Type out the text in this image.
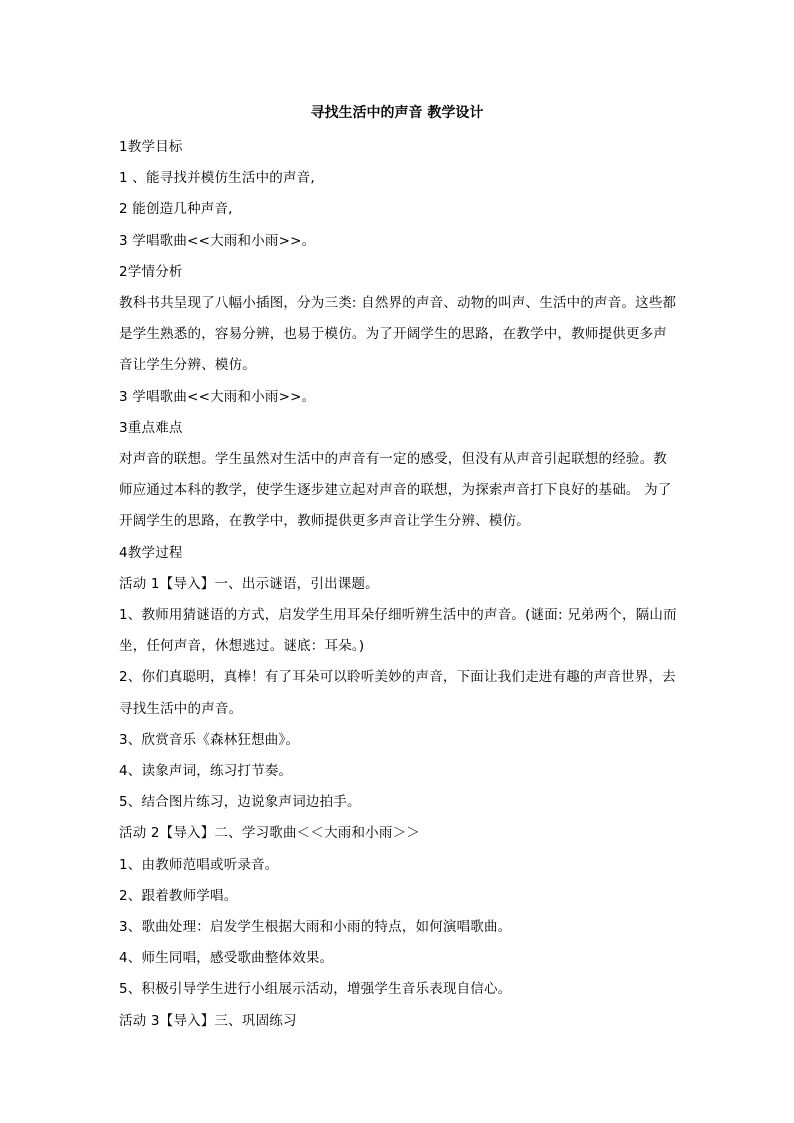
寻找生活中的声音 教学设计

1教学目标

1 、能寻找并模仿生活中的声音,

2 能创造几种声音,

3 学唱歌曲<<大雨和小雨>>。

2学情分析

教科书共呈现了八幅小插图，分为三类: 自然界的声音、动物的叫声、生活中的声音。这些都是学生熟悉的，容易分辨，也易于模仿。为了开阔学生的思路，在教学中，教师提供更多声音让学生分辨、模仿。

3 学唱歌曲<<大雨和小雨>>。

3重点难点

对声音的联想。学生虽然对生活中的声音有一定的感受，但没有从声音引起联想的经验。教师应通过本科的教学，使学生逐步建立起对声音的联想，为探索声音打下良好的基础。 为了开阔学生的思路，在教学中，教师提供更多声音让学生分辨、模仿。

4教学过程

活动 1【导入】一、出示谜语，引出课题。

1、教师用猜谜语的方式，启发学生用耳朵仔细听辨生活中的声音。(谜面: 兄弟两个，隔山而坐，任何声音，休想逃过。谜底：耳朵。)

2、你们真聪明，真棒！有了耳朵可以聆听美妙的声音，下面让我们走进有趣的声音世界，去寻找生活中的声音。

3、欣赏音乐《森林狂想曲》。

4、读象声词，练习打节奏。

5、结合图片练习，边说象声词边拍手。

活动 2【导入】二、学习歌曲＜＜大雨和小雨＞＞

1、由教师范唱或听录音。

2、跟着教师学唱。

3、歌曲处理：启发学生根据大雨和小雨的特点，如何演唱歌曲。

4、师生同唱，感受歌曲整体效果。

5、积极引导学生进行小组展示活动，增强学生音乐表现自信心。

活动 3【导入】三、巩固练习
